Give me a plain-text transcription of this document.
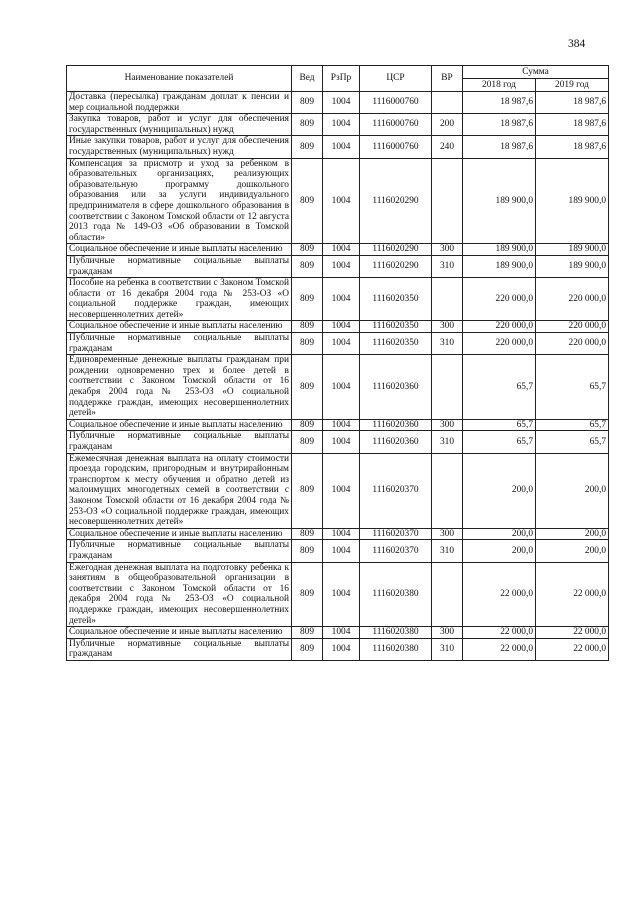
384
Наименование показателей	Вед	РзПр	ЦСР	ВР	Сумма	
					2018 год	2019 год
Доставка (пересылка) гражданам доплат к пенсии и мер социальной поддержки	809	1004	1116000760		18 987,6	18 987,6
Закупка товаров, работ и услуг для обеспечения государственных (муниципальных) нужд	809	1004	1116000760	200	18 987,6	18 987,6
Иные закупки товаров, работ и услуг для обеспечения государственных (муниципальных) нужд	809	1004	1116000760	240	18 987,6	18 987,6
Компенсация за присмотр и уход за ребенком в образовательных организациях, реализующих образовательную программу дошкольного образования или за услуги индивидуального предпринимателя в сфере дошкольного образования в соответствии с Законом Томской области от 12 августа 2013 года № 149-ОЗ «Об образовании в Томской области»	809	1004	1116020290		189 900,0	189 900,0
Социальное обеспечение и иные выплаты населению	809	1004	1116020290	300	189 900,0	189 900,0
Публичные нормативные социальные выплаты гражданам	809	1004	1116020290	310	189 900,0	189 900,0
Пособие на ребенка в соответствии с Законом Томской области от 16 декабря 2004 года № 253-ОЗ «О социальной поддержке граждан, имеющих несовершеннолетних детей»	809	1004	1116020350		220 000,0	220 000,0
Социальное обеспечение и иные выплаты населению	809	1004	1116020350	300	220 000,0	220 000,0
Публичные нормативные социальные выплаты гражданам	809	1004	1116020350	310	220 000,0	220 000,0
Единовременные денежные выплаты гражданам при рождении одновременно трех и более детей в соответствии с Законом Томской области от 16 декабря 2004 года № 253-ОЗ «О социальной поддержке граждан, имеющих несовершеннолетних детей»	809	1004	1116020360		65,7	65,7
Социальное обеспечение и иные выплаты населению	809	1004	1116020360	300	65,7	65,7
Публичные нормативные социальные выплаты гражданам	809	1004	1116020360	310	65,7	65,7
Ежемесячная денежная выплата на оплату стоимости проезда городским, пригородным и внутрирайонным транспортом к месту обучения и обратно детей из малоимущих многодетных семей в соответствии с Законом Томской области от 16 декабря 2004 года № 253-ОЗ «О социальной поддержке граждан, имеющих несовершеннолетних детей»	809	1004	1116020370		200,0	200,0
Социальное обеспечение и иные выплаты населению	809	1004	1116020370	300	200,0	200,0
Публичные нормативные социальные выплаты гражданам	809	1004	1116020370	310	200,0	200,0
Ежегодная денежная выплата на подготовку ребенка к занятиям в общеобразовательной организации в соответствии с Законом Томской области от 16 декабря 2004 года № 253-ОЗ «О социальной поддержке граждан, имеющих несовершеннолетних детей»	809	1004	1116020380		22 000,0	22 000,0
Социальное обеспечение и иные выплаты населению	809	1004	1116020380	300	22 000,0	22 000,0
Публичные нормативные социальные выплаты гражданам	809	1004	1116020380	310	22 000,0	22 000,0
